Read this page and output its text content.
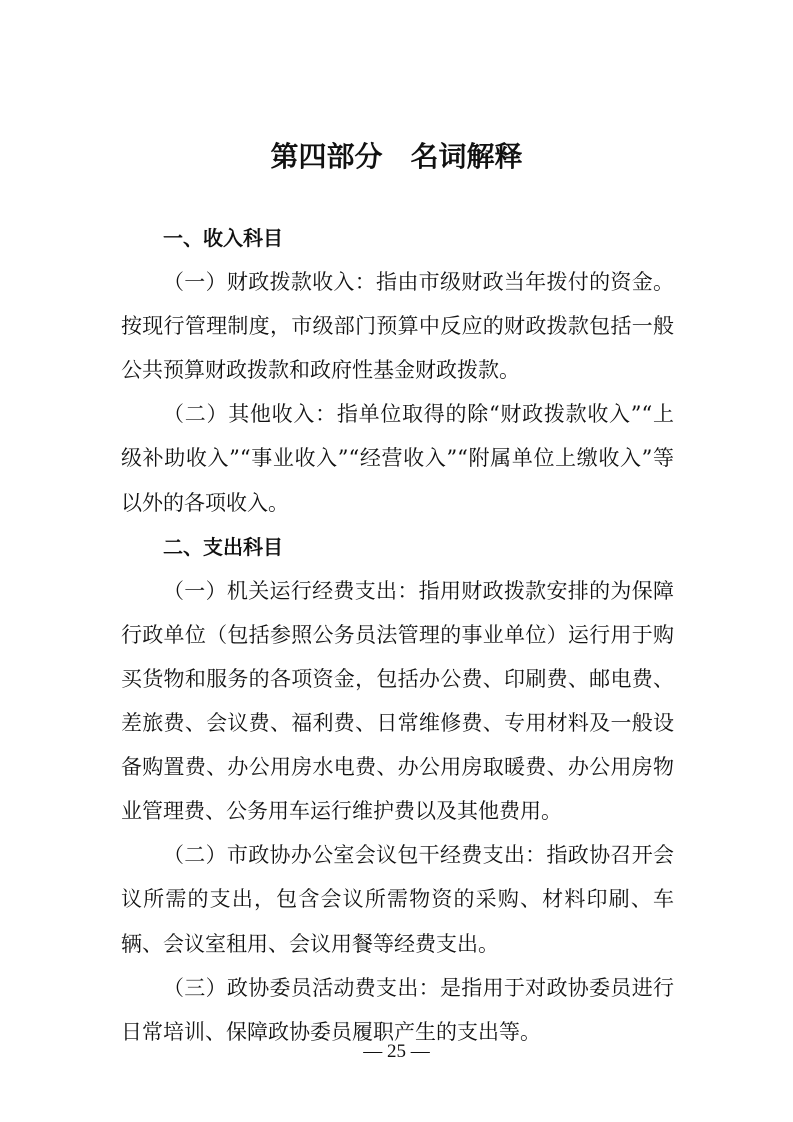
第四部分　名词解释
一、收入科目

（一）财政拨款收入：指由市级财政当年拨付的资金。按现行管理制度，市级部门预算中反应的财政拨款包括一般公共预算财政拨款和政府性基金财政拨款。

（二）其他收入：指单位取得的除“财政拨款收入”“上级补助收入”“事业收入”“经营收入”“附属单位上缴收入”等以外的各项收入。

二、支出科目

（一）机关运行经费支出：指用财政拨款安排的为保障行政单位（包括参照公务员法管理的事业单位）运行用于购买货物和服务的各项资金，包括办公费、印刷费、邮电费、差旅费、会议费、福利费、日常维修费、专用材料及一般设备购置费、办公用房水电费、办公用房取暖费、办公用房物业管理费、公务用车运行维护费以及其他费用。

（二）市政协办公室会议包干经费支出：指政协召开会议所需的支出，包含会议所需物资的采购、材料印刷、车辆、会议室租用、会议用餐等经费支出。

（三）政协委员活动费支出：是指用于对政协委员进行日常培训、保障政协委员履职产生的支出等。

— 25 —
